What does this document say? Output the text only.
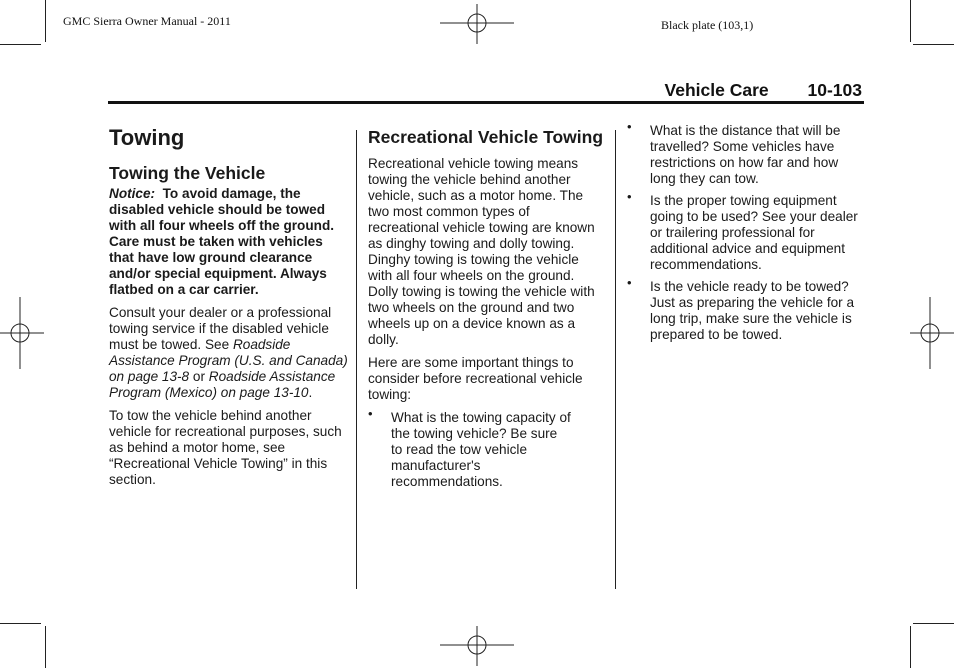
GMC Sierra Owner Manual - 2011	Black plate (103,1)
Vehicle Care 10-103
Towing
Towing the Vehicle

Notice: To avoid damage, the disabled vehicle should be towed with all four wheels off the ground. Care must be taken with vehicles that have low ground clearance and/or special equipment. Always flatbed on a car carrier.

Consult your dealer or a professional towing service if the disabled vehicle must be towed. See Roadside Assistance Program (U.S. and Canada) on page 13-8 or Roadside Assistance Program (Mexico) on page 13-10.

To tow the vehicle behind another vehicle for recreational purposes, such as behind a motor home, see “Recreational Vehicle Towing” in this section.

Recreational Vehicle Towing

Recreational vehicle towing means towing the vehicle behind another vehicle, such as a motor home. The two most common types of recreational vehicle towing are known as dinghy towing and dolly towing. Dinghy towing is towing the vehicle with all four wheels on the ground. Dolly towing is towing the vehicle with two wheels on the ground and two wheels up on a device known as a dolly.

Here are some important things to consider before recreational vehicle towing:

• What is the towing capacity of the towing vehicle? Be sure to read the tow vehicle manufacturer's recommendations.
• What is the distance that will be travelled? Some vehicles have restrictions on how far and how long they can tow.
• Is the proper towing equipment going to be used? See your dealer or trailering professional for additional advice and equipment recommendations.
• Is the vehicle ready to be towed? Just as preparing the vehicle for a long trip, make sure the vehicle is prepared to be towed.
